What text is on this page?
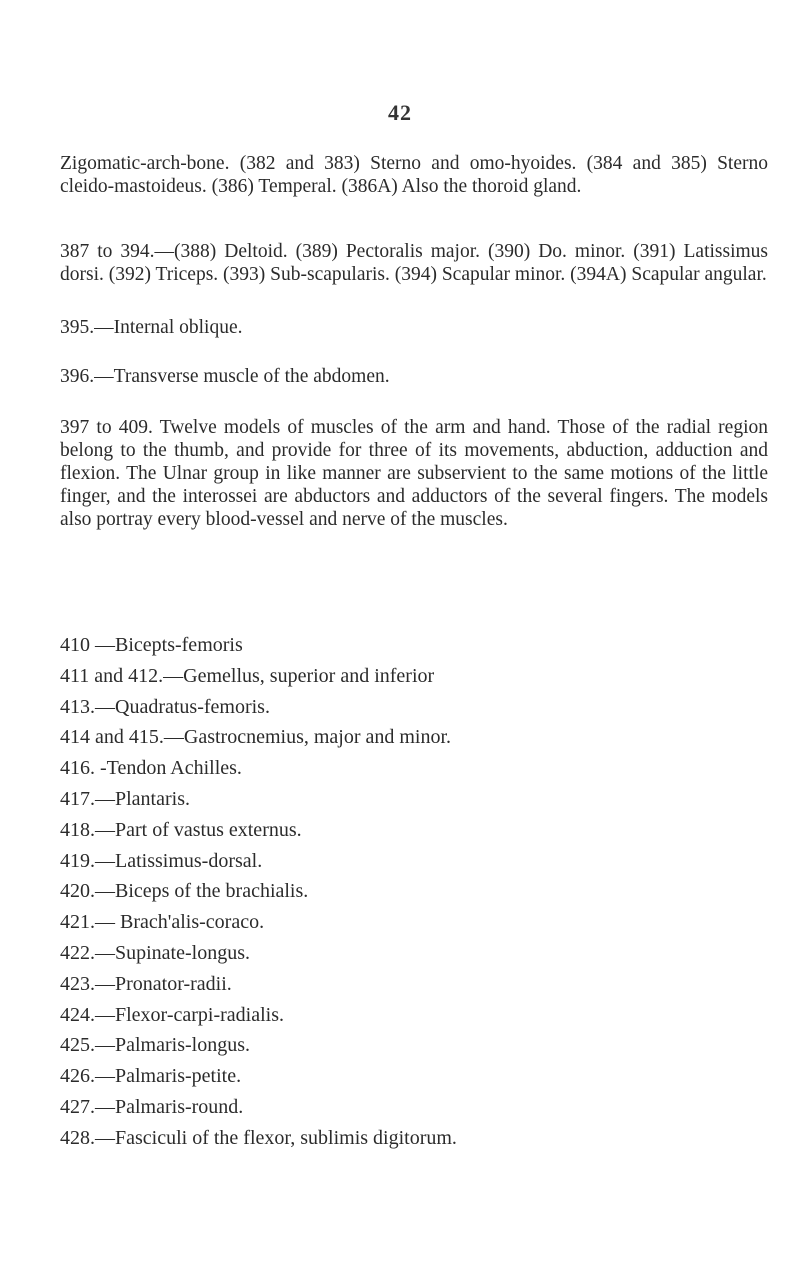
42

Zigomatic-arch-bone. (382 and 383) Sterno and omo-hyoides. (384 and 385) Sterno cleido-mastoideus. (386) Temperal. (386A) Also the thoroid gland.

387 to 394.—(388) Deltoid. (389) Pectoralis major. (390) Do. minor. (391) Latissimus dorsi. (392) Triceps. (393) Sub-scapularis. (394) Scapular minor. (394A) Scapular angular.

395.—Internal oblique.

396.—Transverse muscle of the abdomen.

397 to 409. Twelve models of muscles of the arm and hand. Those of the radial region belong to the thumb, and provide for three of its movements, abduction, adduction and flexion. The Ulnar group in like manner are subservient to the same motions of the little finger, and the interossei are abductors and adductors of the several fingers. The models also portray every blood-vessel and nerve of the muscles.

410 —Bicepts-femoris
411 and 412.—Gemellus, superior and inferior
413.—Quadratus-femoris.
414 and 415.—Gastrocnemius, major and minor.
416. -Tendon Achilles.
417.—Plantaris.
418.—Part of vastus externus.
419.—Latissimus-dorsal.
420.—Biceps of the brachialis.
421.— Brach'alis-coraco.
422.—Supinate-longus.
423.—Pronator-radii.
424.—Flexor-carpi-radialis.
425.—Palmaris-longus.
426.—Palmaris-petite.
427.—Palmaris-round.
428.—Fasciculi of the flexor, sublimis digitorum.
